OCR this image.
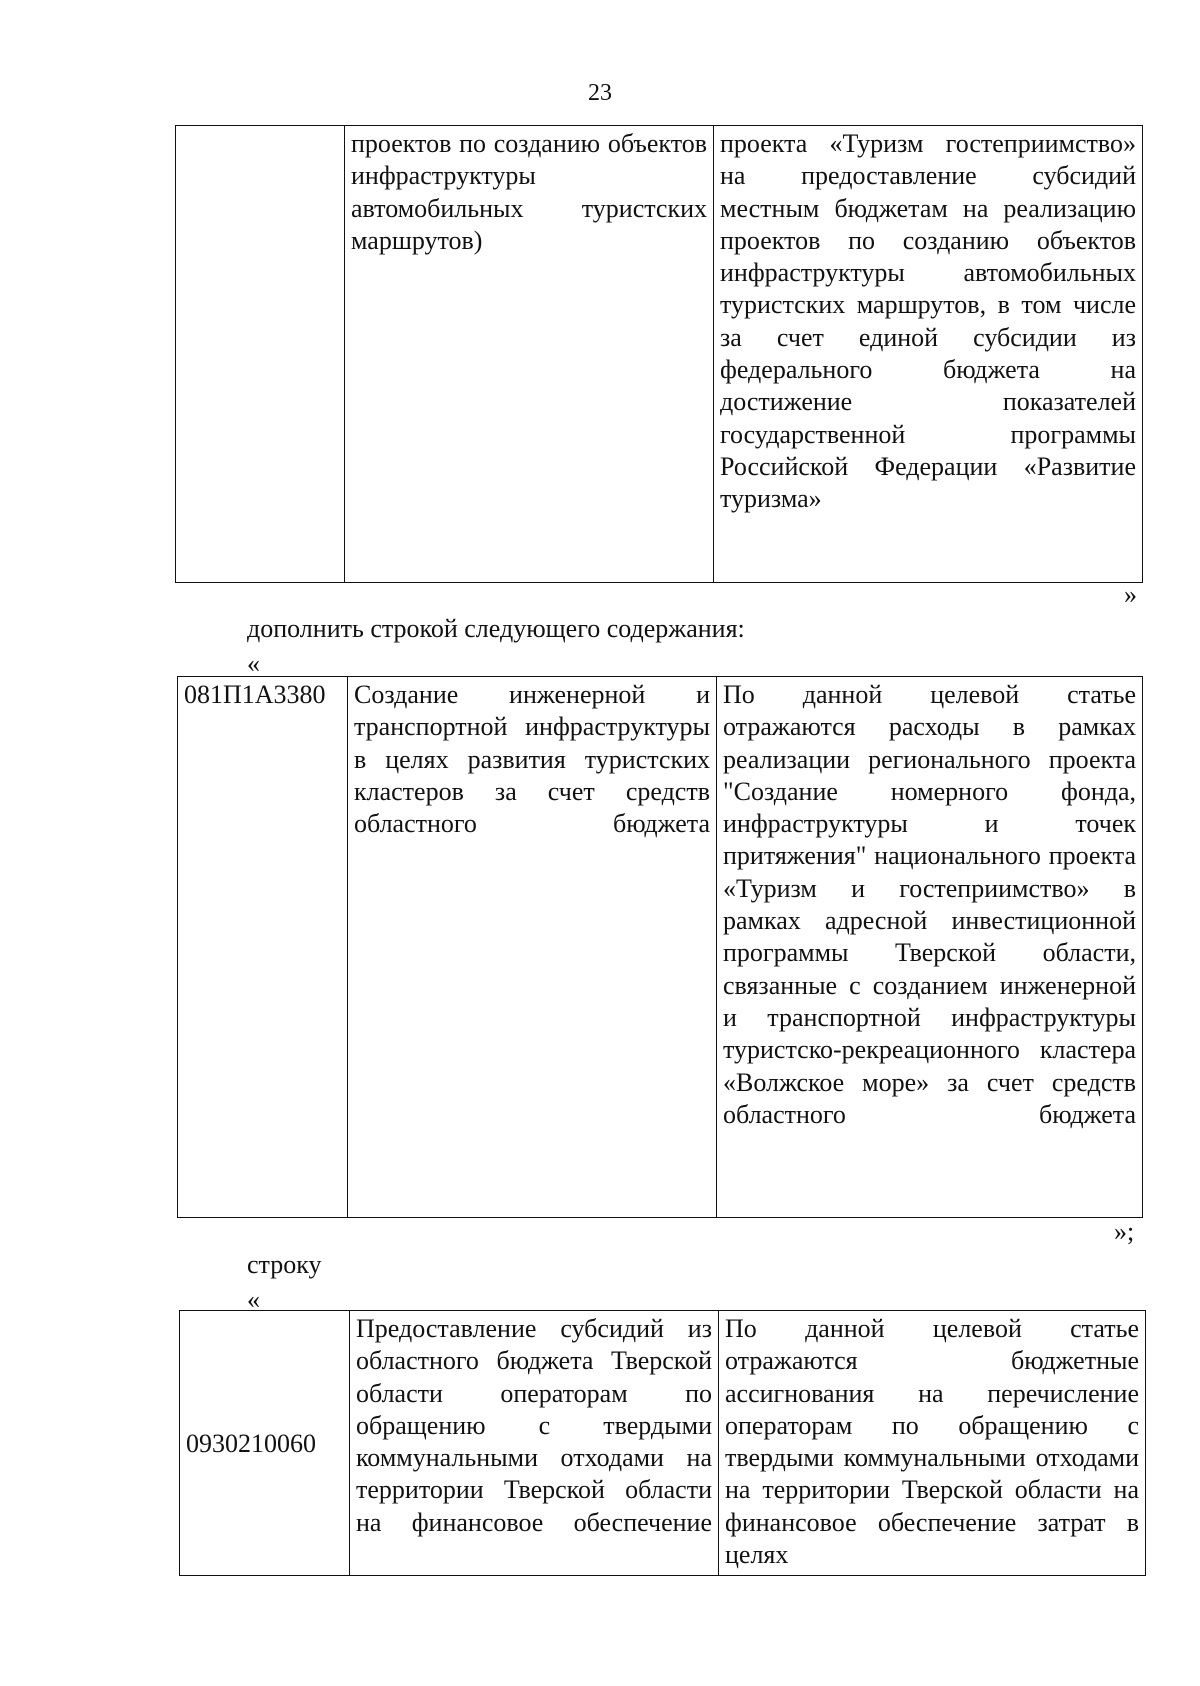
23
	проектов по созданию объектов инфраструктуры автомобильных туристских маршрутов)	проекта «Туризм гостеприимство» на предоставление субсидий местным бюджетам на реализацию проектов по созданию объектов инфраструктуры автомобильных туристских маршрутов, в том числе за счет единой субсидии из федерального бюджета на достижение показателей государственной программы Российской Федерации «Развитие туризма»
»
дополнить строкой следующего содержания:
«
081П1А3380	Создание инженерной и транспортной инфраструктуры в целях развития туристских кластеров за счет средств областного бюджета	По данной целевой статье отражаются расходы в рамках реализации регионального проекта "Создание номерного фонда, инфраструктуры и точек притяжения" национального проекта «Туризм и гостеприимство» в рамках адресной инвестиционной программы Тверской области, связанные с созданием инженерной и транспортной инфраструктуры туристско-рекреационного кластера «Волжское море» за счет средств областного бюджета
»;
строку
«
0930210060	Предоставление субсидий из областного бюджета Тверской области операторам по обращению с твердыми коммунальными отходами на территории Тверской области на финансовое обеспечение	По данной целевой статье отражаются бюджетные ассигнования на перечисление операторам по обращению с твердыми коммунальными отходами на территории Тверской области на финансовое обеспечение затрат в целях
